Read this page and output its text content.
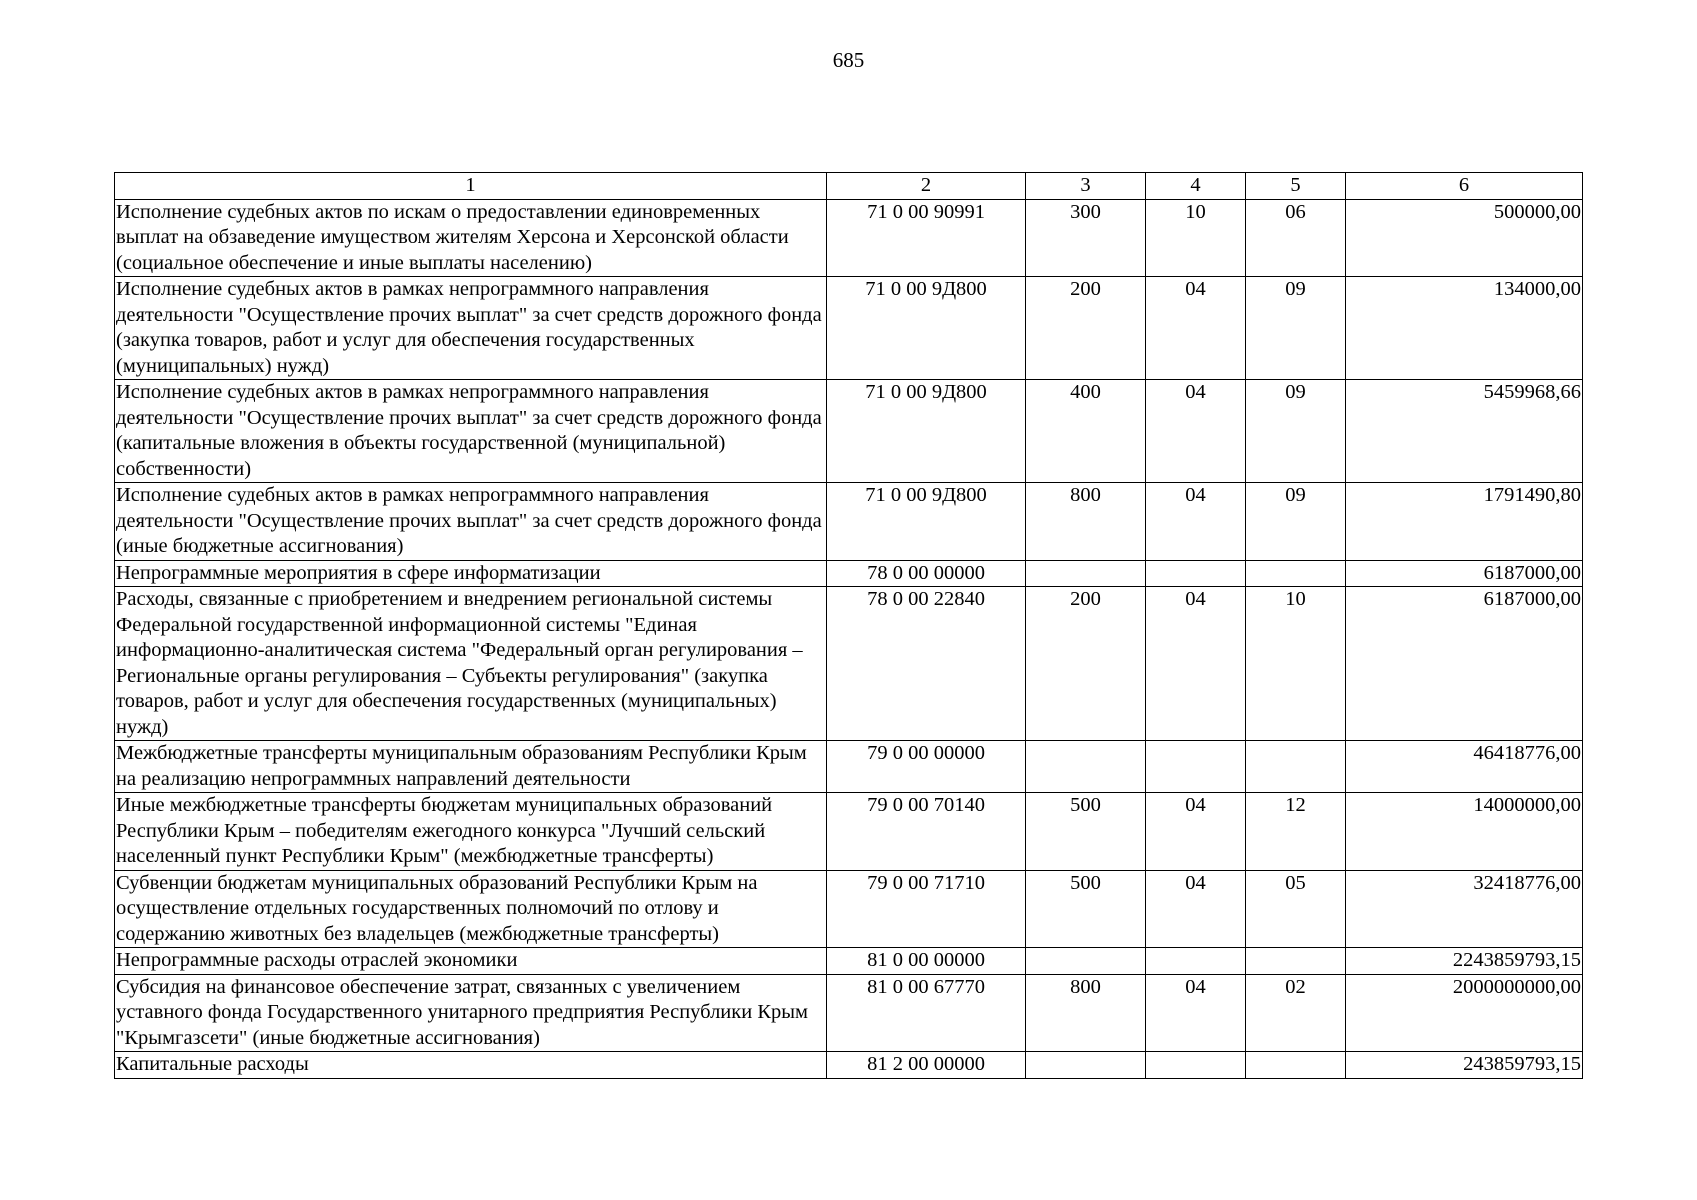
685
1	2	3	4	5	6
Исполнение судебных актов по искам о предоставлении единовременных выплат на обзаведение имуществом жителям Херсона и Херсонской области (социальное обеспечение и иные выплаты населению)	71 0 00 90991	300	10	06	500000,00
Исполнение судебных актов в рамках непрограммного направления деятельности "Осуществление прочих выплат" за счет средств дорожного фонда (закупка товаров, работ и услуг для обеспечения государственных (муниципальных) нужд)	71 0 00 9Д800	200	04	09	134000,00
Исполнение судебных актов в рамках непрограммного направления деятельности "Осуществление прочих выплат" за счет средств дорожного фонда (капитальные вложения в объекты государственной (муниципальной) собственности)	71 0 00 9Д800	400	04	09	5459968,66
Исполнение судебных актов в рамках непрограммного направления деятельности "Осуществление прочих выплат" за счет средств дорожного фонда (иные бюджетные ассигнования)	71 0 00 9Д800	800	04	09	1791490,80
Непрограммные мероприятия в сфере информатизации	78 0 00 00000				6187000,00
Расходы, связанные с приобретением и внедрением региональной системы Федеральной государственной информационной системы "Единая информационно-аналитическая система "Федеральный орган регулирования – Региональные органы регулирования – Субъекты регулирования" (закупка товаров, работ и услуг для обеспечения государственных (муниципальных) нужд)	78 0 00 22840	200	04	10	6187000,00
Межбюджетные трансферты муниципальным образованиям Республики Крым на реализацию непрограммных направлений деятельности	79 0 00 00000				46418776,00
Иные межбюджетные трансферты бюджетам муниципальных образований Республики Крым – победителям ежегодного конкурса "Лучший сельский населенный пункт Республики Крым" (межбюджетные трансферты)	79 0 00 70140	500	04	12	14000000,00
Субвенции бюджетам муниципальных образований Республики Крым на осуществление отдельных государственных полномочий по отлову и содержанию животных без владельцев (межбюджетные трансферты)	79 0 00 71710	500	04	05	32418776,00
Непрограммные расходы отраслей экономики	81 0 00 00000				2243859793,15
Субсидия на финансовое обеспечение затрат, связанных с увеличением уставного фонда Государственного унитарного предприятия Республики Крым "Крымгазсети" (иные бюджетные ассигнования)	81 0 00 67770	800	04	02	2000000000,00
Капитальные расходы	81 2 00 00000				243859793,15
